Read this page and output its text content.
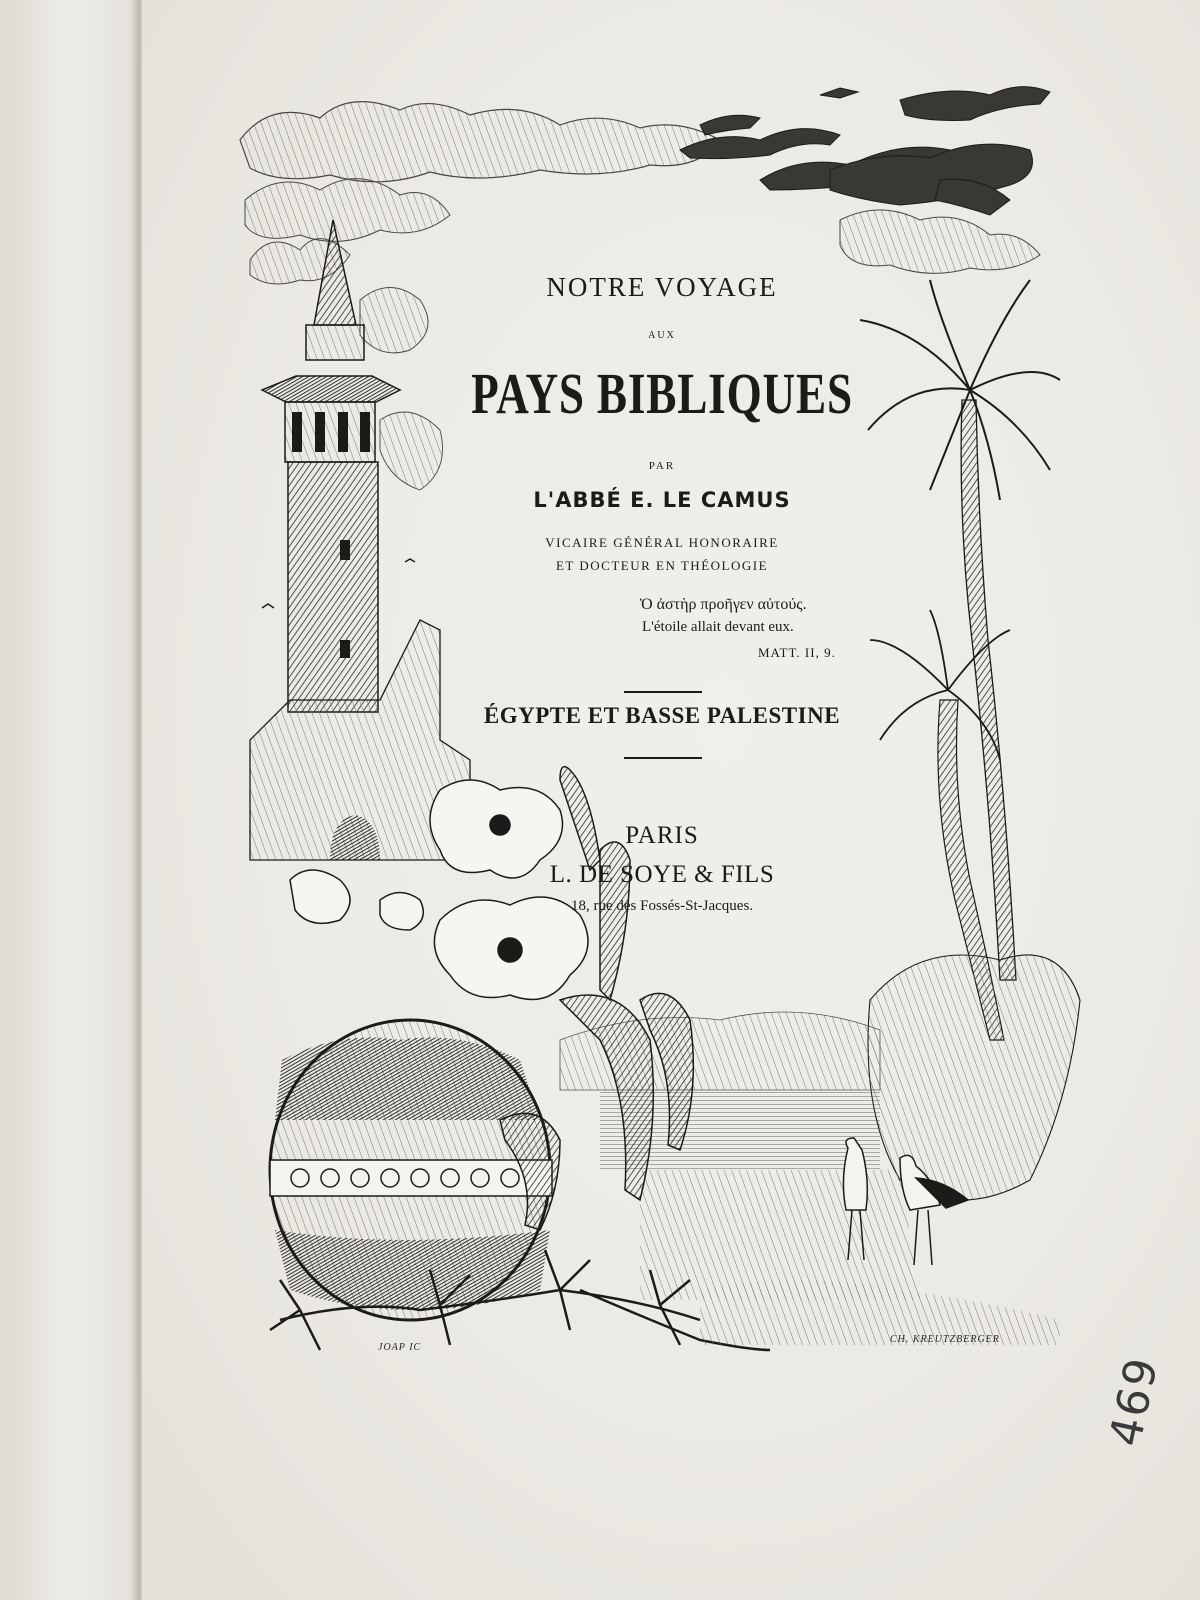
NOTRE VOYAGE
AUX
PAYS BIBLIQUES
PAR
L'ABBÉ E. LE CAMUS
VICAIRE GÉNÉRAL HONORAIRE
ET DOCTEUR EN THÉOLOGIE
Ὁ ἀστὴρ προῆγεν αὐτούς.
L'étoile allait devant eux.
MATT. II, 9.
ÉGYPTE ET BASSE PALESTINE
PARIS
L. DE SOYE & FILS
18, rue des Fossés-St-Jacques.
JOAP IC
CH. KREUTZBERGER
469
